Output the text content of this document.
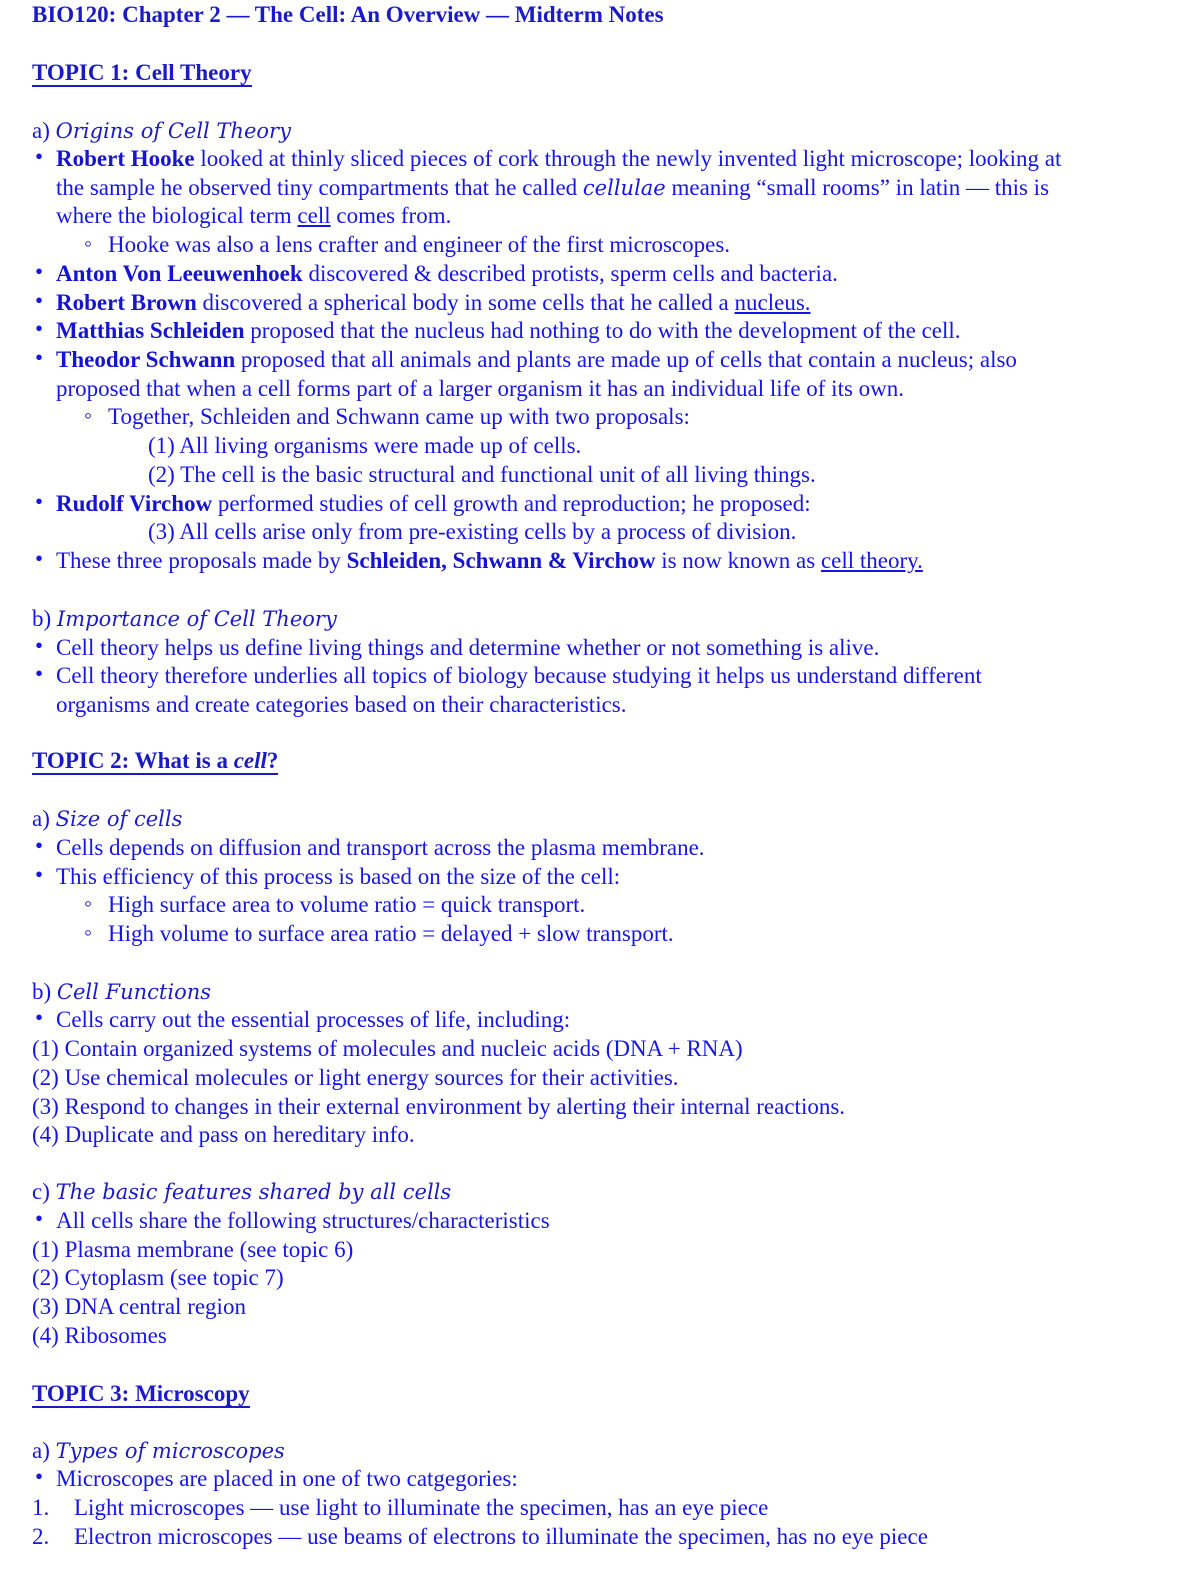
BIO120: Chapter 2 — The Cell: An Overview — Midterm Notes
TOPIC 1: Cell Theory
a) Origins of Cell Theory
• Robert Hooke looked at thinly sliced pieces of cork through the newly invented light microscope; looking at
the sample he observed tiny compartments that he called cellulae meaning “small rooms” in latin — this is
where the biological term cell comes from.
◦ Hooke was also a lens crafter and engineer of the first microscopes.
• Anton Von Leeuwenhoek discovered & described protists, sperm cells and bacteria.
• Robert Brown discovered a spherical body in some cells that he called a nucleus.
• Matthias Schleiden proposed that the nucleus had nothing to do with the development of the cell.
• Theodor Schwann proposed that all animals and plants are made up of cells that contain a nucleus; also
proposed that when a cell forms part of a larger organism it has an individual life of its own.
◦ Together, Schleiden and Schwann came up with two proposals:
(1) All living organisms were made up of cells.
(2) The cell is the basic structural and functional unit of all living things.
• Rudolf Virchow performed studies of cell growth and reproduction; he proposed:
(3) All cells arise only from pre-existing cells by a process of division.
• These three proposals made by Schleiden, Schwann & Virchow is now known as cell theory.
b) Importance of Cell Theory
• Cell theory helps us define living things and determine whether or not something is alive.
• Cell theory therefore underlies all topics of biology because studying it helps us understand different
organisms and create categories based on their characteristics.
TOPIC 2: What is a cell?
a) Size of cells
• Cells depends on diffusion and transport across the plasma membrane.
• This efficiency of this process is based on the size of the cell:
◦ High surface area to volume ratio = quick transport.
◦ High volume to surface area ratio = delayed + slow transport.
b) Cell Functions
• Cells carry out the essential processes of life, including:
(1) Contain organized systems of molecules and nucleic acids (DNA + RNA)
(2) Use chemical molecules or light energy sources for their activities.
(3) Respond to changes in their external environment by alerting their internal reactions.
(4) Duplicate and pass on hereditary info.
c) The basic features shared by all cells
• All cells share the following structures/characteristics
(1) Plasma membrane (see topic 6)
(2) Cytoplasm (see topic 7)
(3) DNA central region
(4) Ribosomes
TOPIC 3: Microscopy
a) Types of microscopes
• Microscopes are placed in one of two catgegories:
1. Light microscopes — use light to illuminate the specimen, has an eye piece
2. Electron microscopes — use beams of electrons to illuminate the specimen, has no eye piece
